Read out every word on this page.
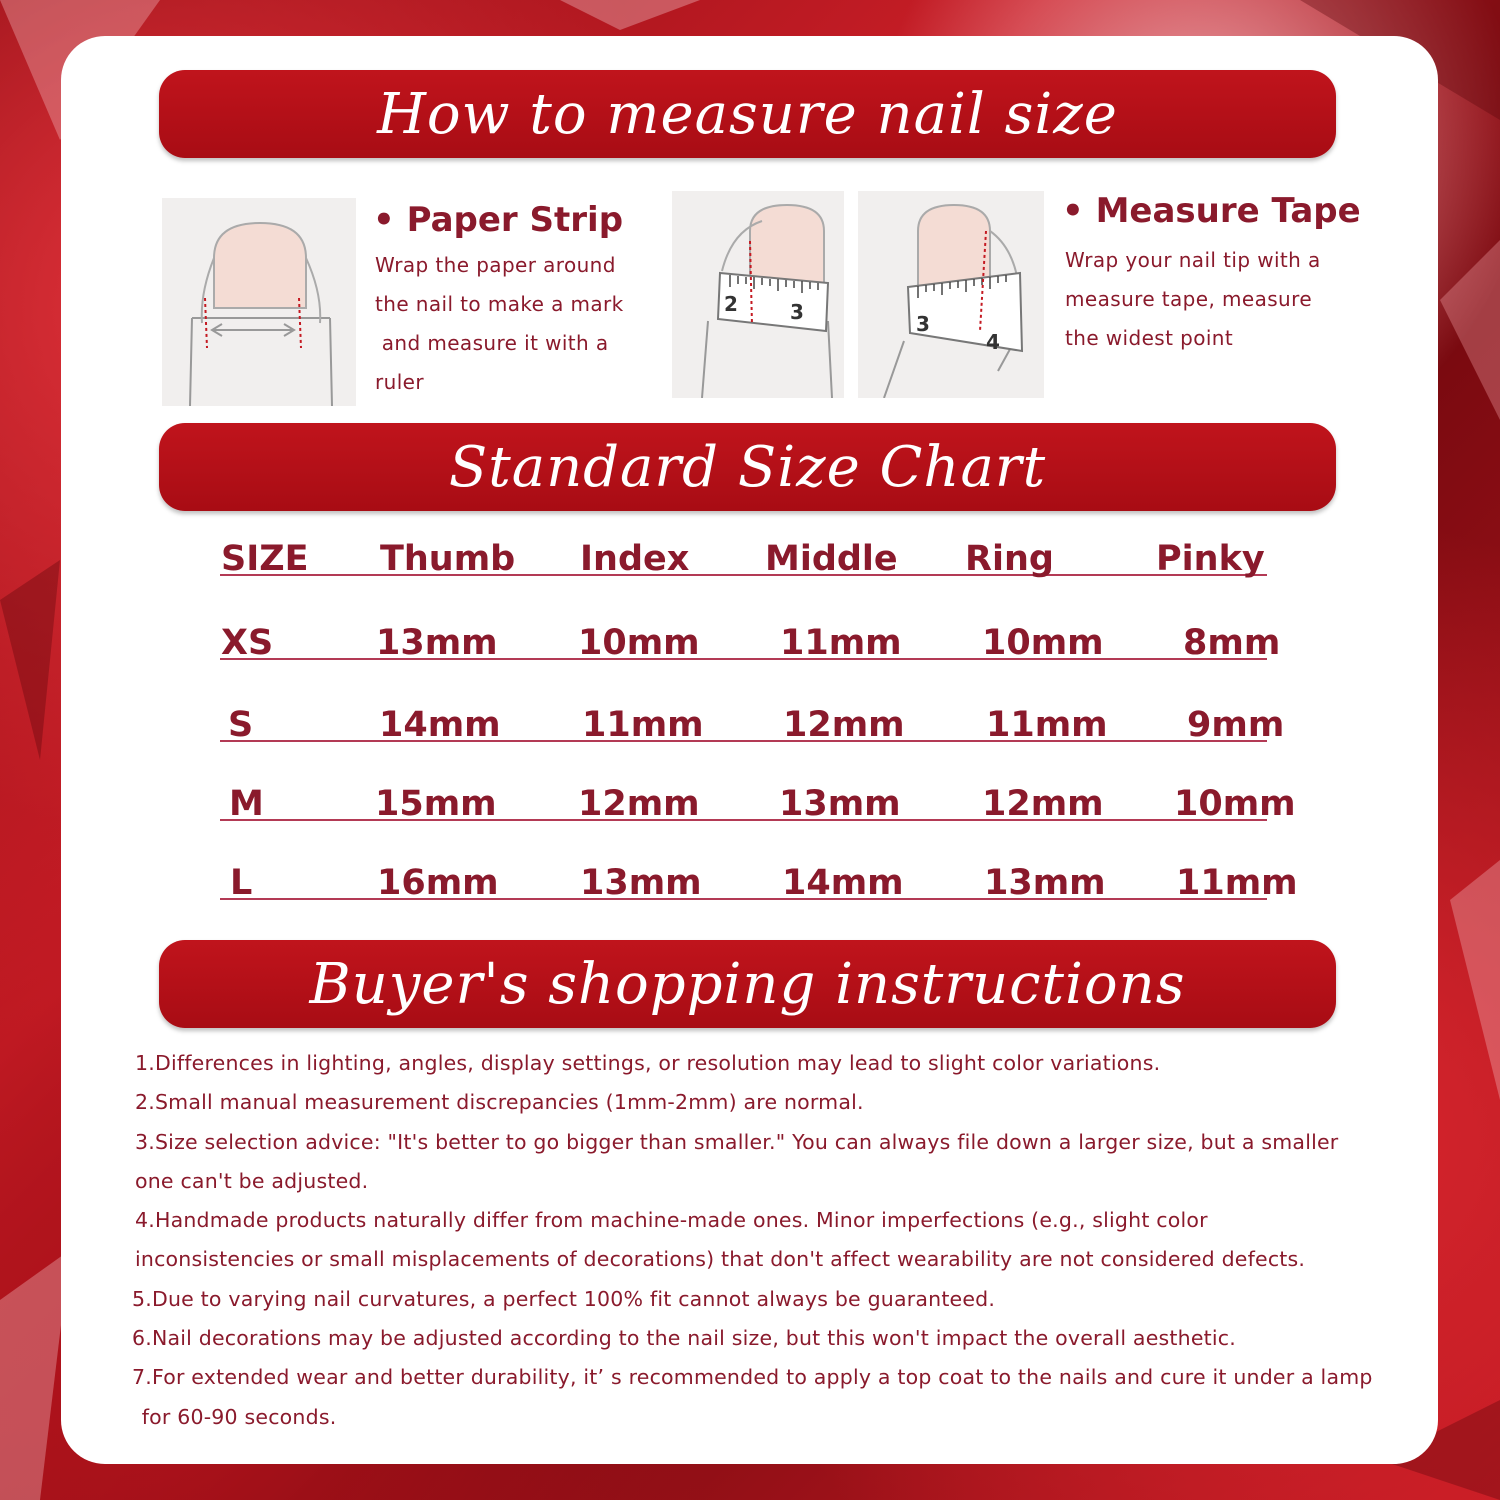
How to measure nail size
• Paper Strip
Wrap the paper around
the nail to make a mark
and measure it with a
ruler
2	3	3
4
• Measure Tape
Wrap your nail tip with a
measure tape, measure
the widest point
Standard Size Chart
SIZE Thumb Index Middle Ring	Pinky
XS	13mm 10mm 11mm 10mm 8mm
S	14mm 11mm 12mm 11mm 9mm
M	15mm 12mm 13mm 12mm 10mm
L	16mm 13mm 14mm 13mm 11mm
Buyer's shopping instructions

1.Differences in lighting, angles, display settings, or resolution may lead to slight color variations.

2.Small manual measurement discrepancies (1mm-2mm) are normal.

3.Size selection advice: "It's better to go bigger than smaller." You can always file down a larger size, but a smaller

one can't be adjusted.

4.Handmade products naturally differ from machine-made ones. Minor imperfections (e.g., slight color

inconsistencies or small misplacements of decorations) that don't affect wearability are not considered defects.

5.Due to varying nail curvatures, a perfect 100% fit cannot always be guaranteed.

6.Nail decorations may be adjusted according to the nail size, but this won't impact the overall aesthetic.

7.For extended wear and better durability, it’ s recommended to apply a top coat to the nails and cure it under a lamp

for 60-90 seconds.
